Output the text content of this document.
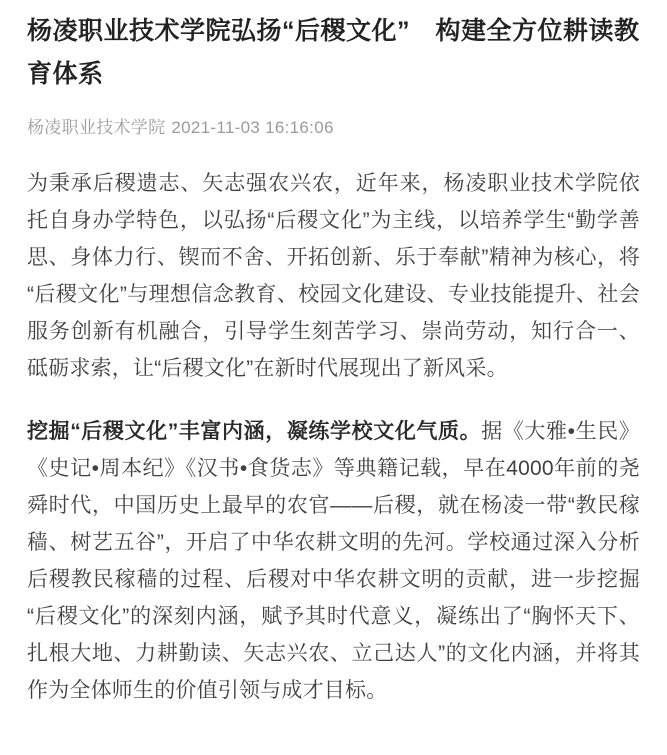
杨凌职业技术学院弘扬“后稷文化”　构建全方位耕读教育体系
杨凌职业技术学院 2021-11-03 16:16:06

为秉承后稷遗志、矢志强农兴农，近年来，杨凌职业技术学院依托自身办学特色，以弘扬“后稷文化”为主线，以培养学生“勤学善思、身体力行、锲而不舍、开拓创新、乐于奉献”精神为核心，将“后稷文化”与理想信念教育、校园文化建设、专业技能提升、社会服务创新有机融合，引导学生刻苦学习、崇尚劳动，知行合一、砥砺求索，让“后稷文化”在新时代展现出了新风采。

挖掘“后稷文化”丰富内涵，凝练学校文化气质。据《大雅•生民》《史记•周本纪》《汉书•食货志》等典籍记载，早在4000年前的尧舜时代，中国历史上最早的农官——后稷，就在杨凌一带“教民稼穑、树艺五谷”，开启了中华农耕文明的先河。学校通过深入分析后稷教民稼穑的过程、后稷对中华农耕文明的贡献，进一步挖掘“后稷文化”的深刻内涵，赋予其时代意义，凝练出了“胸怀天下、扎根大地、力耕勤读、矢志兴农、立己达人”的文化内涵，并将其作为全体师生的价值引领与成才目标。
